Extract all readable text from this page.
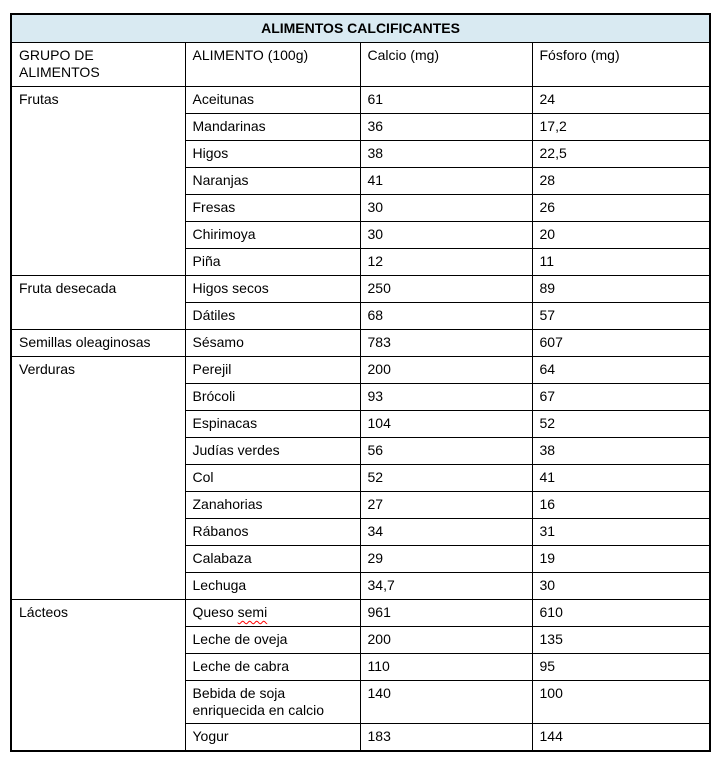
ALIMENTOS CALCIFICANTES			
GRUPO DE ALIMENTOS	ALIMENTO (100g)	Calcio (mg)	Fósforo (mg)
Frutas	Aceitunas	61	24
	Mandarinas	36	17,2
	Higos	38	22,5
	Naranjas	41	28
	Fresas	30	26
	Chirimoya	30	20
	Piña	12	11
Fruta desecada	Higos secos	250	89
	Dátiles	68	57
Semillas oleaginosas	Sésamo	783	607
Verduras	Perejil	200	64
	Brócoli	93	67
	Espinacas	104	52
	Judías verdes	56	38
	Col	52	41
	Zanahorias	27	16
	Rábanos	34	31
	Calabaza	29	19
	Lechuga	34,7	30
Lácteos	Queso semi	961	610
	Leche de oveja	200	135
	Leche de cabra	110	95
	Bebida de soja enriquecida en calcio	140	100
	Yogur	183	144
